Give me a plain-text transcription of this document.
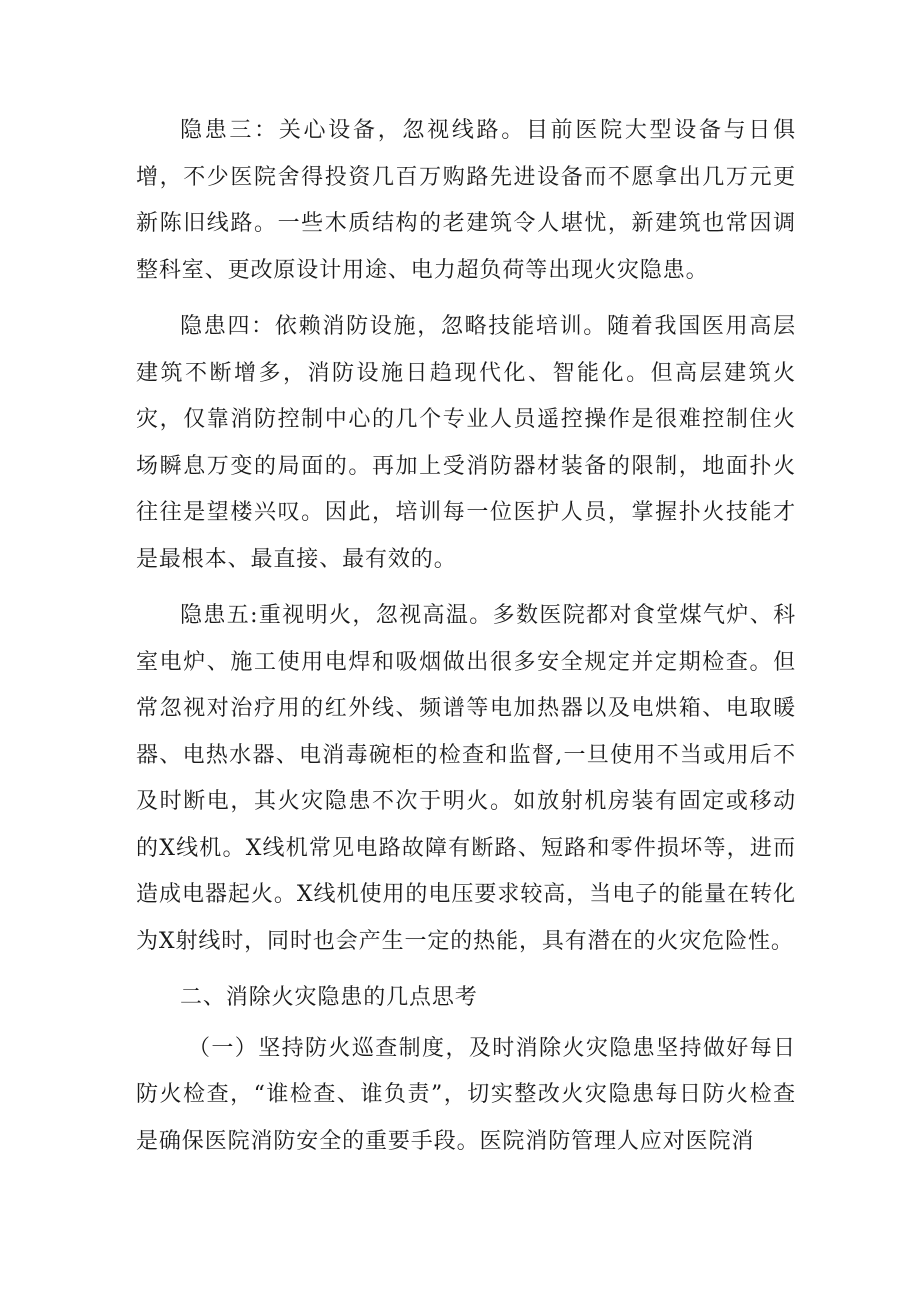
隐患三：关心设备，忽视线路。目前医院大型设备与日俱增，不少医院舍得投资几百万购路先进设备而不愿拿出几万元更新陈旧线路。一些木质结构的老建筑令人堪忧，新建筑也常因调整科室、更改原设计用途、电力超负荷等出现火灾隐患。

隐患四：依赖消防设施，忽略技能培训。随着我国医用高层建筑不断增多，消防设施日趋现代化、智能化。但高层建筑火灾，仅靠消防控制中心的几个专业人员遥控操作是很难控制住火场瞬息万变的局面的。再加上受消防器材装备的限制，地面扑火往往是望楼兴叹。因此，培训每一位医护人员，掌握扑火技能才是最根本、最直接、最有效的。

隐患五:重视明火，忽视高温。多数医院都对食堂煤气炉、科室电炉、施工使用电焊和吸烟做出很多安全规定并定期检查。但常忽视对治疗用的红外线、频谱等电加热器以及电烘箱、电取暖器、电热水器、电消毒碗柜的检查和监督,一旦使用不当或用后不及时断电，其火灾隐患不次于明火。如放射机房装有固定或移动的X线机。X线机常见电路故障有断路、短路和零件损坏等，进而造成电器起火。X线机使用的电压要求较高，当电子的能量在转化为X射线时，同时也会产生一定的热能，具有潜在的火灾危险性。

二、消除火灾隐患的几点思考

（一）坚持防火巡查制度，及时消除火灾隐患坚持做好每日防火检查，“谁检查、谁负责”，切实整改火灾隐患每日防火检查是确保医院消防安全的重要手段。医院消防管理人应对医院消
